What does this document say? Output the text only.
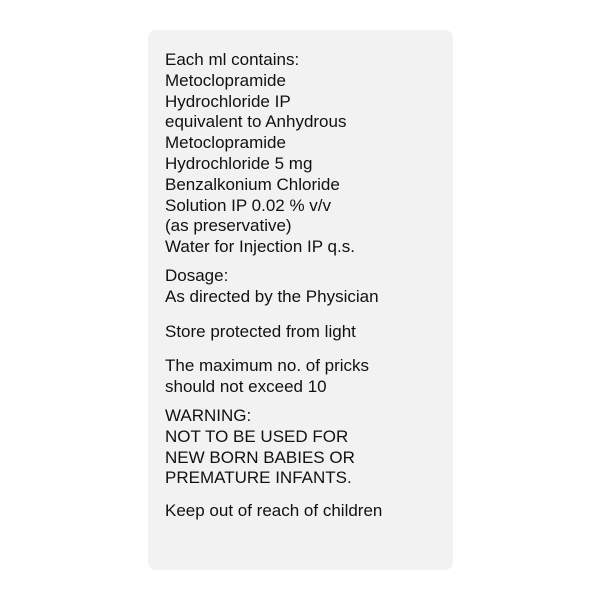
Each ml contains:
Metoclopramide
Hydrochloride IP
equivalent to Anhydrous
Metoclopramide
Hydrochloride 5 mg
Benzalkonium Chloride
Solution IP 0.02 % v/v
(as preservative)
Water for Injection IP q.s.
Dosage:
As directed by the Physician
Store protected from light
The maximum no. of pricks
should not exceed 10
WARNING:
NOT TO BE USED FOR
NEW BORN BABIES OR
PREMATURE INFANTS.
Keep out of reach of children
